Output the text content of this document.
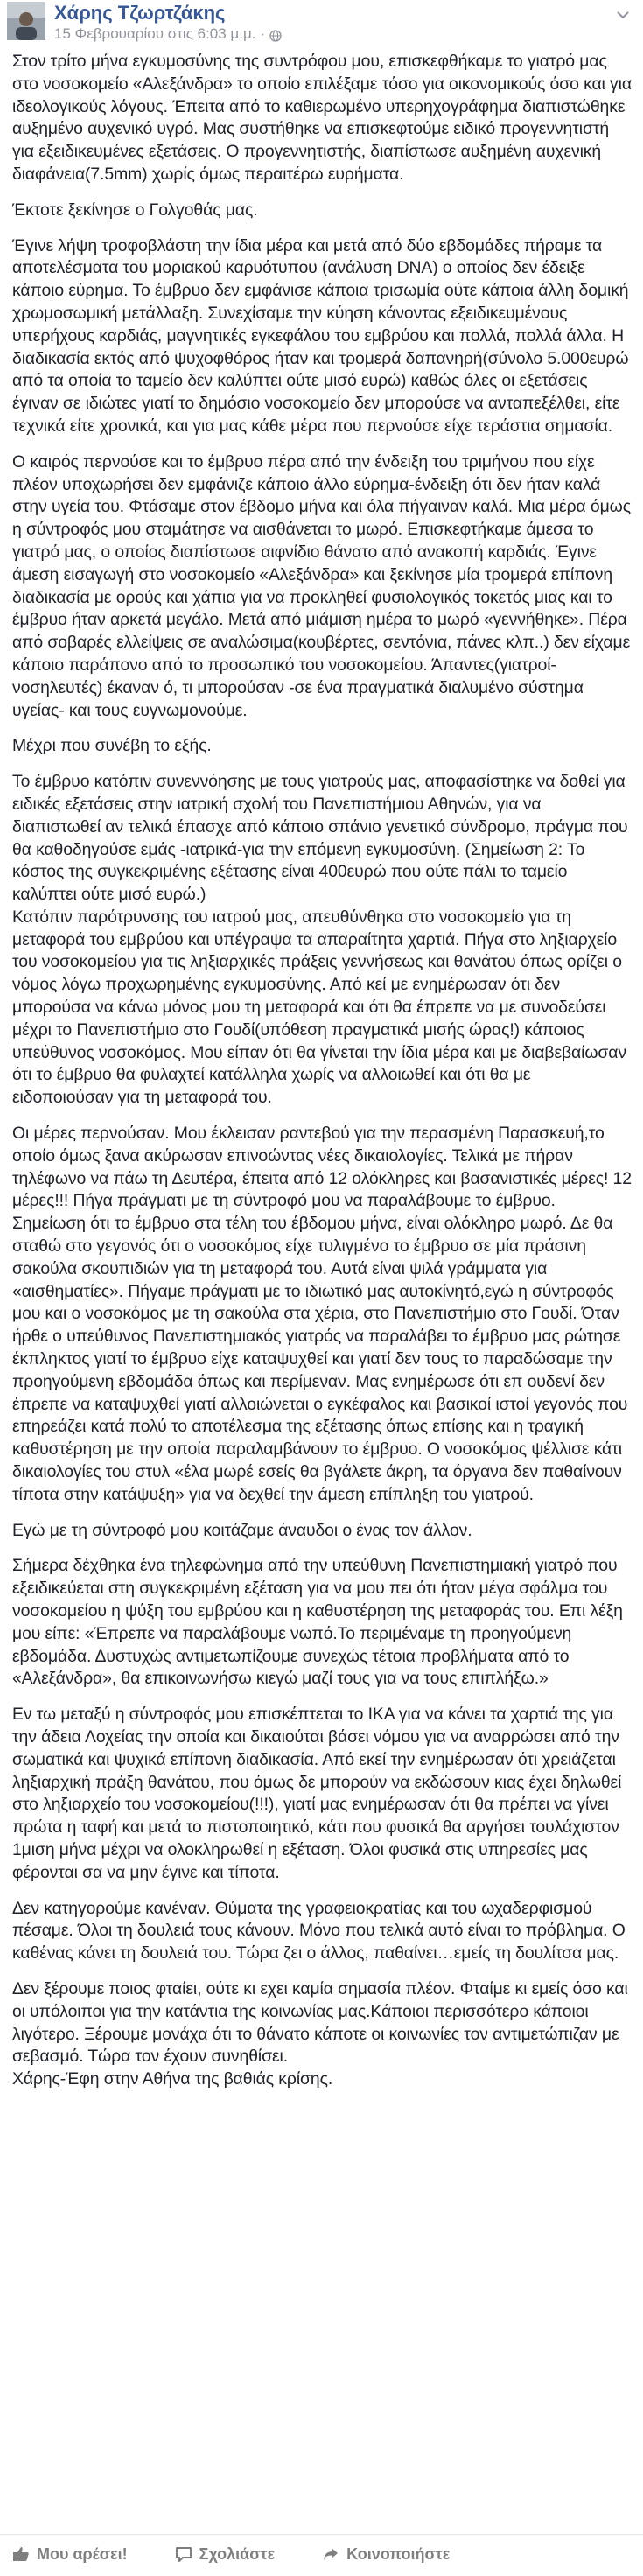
Χάρης Τζωρτζάκης
15 Φεβρουαρίου στις 6:03 μ.μ. ·

Στον τρίτο μήνα εγκυμοσύνης της συντρόφου μου, επισκεφθήκαμε το γιατρό μας στο νοσοκομείο «Αλεξάνδρα» το οποίο επιλέξαμε τόσο για οικονομικούς όσο και για ιδεολογικούς λόγους. Έπειτα από το καθιερωμένο υπερηχογράφημα διαπιστώθηκε αυξημένο αυχενικό υγρό. Μας συστήθηκε να επισκεφτούμε ειδικό προγεννητιστή για εξειδικευμένες εξετάσεις. Ο προγεννητιστής, διαπίστωσε αυξημένη αυχενική διαφάνεια(7.5mm) χωρίς όμως περαιτέρω ευρήματα.

Έκτοτε ξεκίνησε ο Γολγοθάς μας.

Έγινε λήψη τροφοβλάστη την ίδια μέρα και μετά από δύο εβδομάδες πήραμε τα αποτελέσματα του μοριακού καρυότυπου (ανάλυση DNA) ο οποίος δεν έδειξε κάποιο εύρημα. Το έμβρυο δεν εμφάνισε κάποια τρισωμία ούτε κάποια άλλη δομική χρωμοσωμική μετάλλαξη. Συνεχίσαμε την κύηση κάνοντας εξειδικευμένους υπερήχους καρδιάς, μαγνητικές εγκεφάλου του εμβρύου και πολλά, πολλά άλλα. Η διαδικασία εκτός από ψυχοφθόρος ήταν και τρομερά δαπανηρή(σύνολο 5.000ευρώ από τα οποία το ταμείο δεν καλύπτει ούτε μισό ευρώ) καθώς όλες οι εξετάσεις έγιναν σε ιδιώτες γιατί το δημόσιο νοσοκομείο δεν μπορούσε να ανταπεξέλθει, είτε τεχνικά είτε χρονικά, και για μας κάθε μέρα που περνούσε είχε τεράστια σημασία.

Ο καιρός περνούσε και το έμβρυο πέρα από την ένδειξη του τριμήνου που είχε πλέον υποχωρήσει δεν εμφάνιζε κάποιο άλλο εύρημα-ένδειξη ότι δεν ήταν καλά στην υγεία του. Φτάσαμε στον έβδομο μήνα και όλα πήγαιναν καλά. Μια μέρα όμως η σύντροφός μου σταμάτησε να αισθάνεται το μωρό. Επισκεφτήκαμε άμεσα το γιατρό μας, ο οποίος διαπίστωσε αιφνίδιο θάνατο από ανακοπή καρδιάς. Έγινε άμεση εισαγωγή στο νοσοκομείο «Αλεξάνδρα» και ξεκίνησε μία τρομερά επίπονη διαδικασία με ορούς και χάπια για να προκληθεί φυσιολογικός τοκετός μιας και το έμβρυο ήταν αρκετά μεγάλο. Μετά από μιάμιση ημέρα το μωρό «γεννήθηκε». Πέρα από σοβαρές ελλείψεις σε αναλώσιμα(κουβέρτες, σεντόνια, πάνες κλπ..) δεν είχαμε κάποιο παράπονο από το προσωπικό του νοσοκομείου. Άπαντες(γιατροί-νοσηλευτές) έκαναν ό, τι μπορούσαν -σε ένα πραγματικά διαλυμένο σύστημα υγείας- και τους ευγνωμονούμε.

Μέχρι που συνέβη το εξής.

Το έμβρυο κατόπιν συνεννόησης με τους γιατρούς μας, αποφασίστηκε να δοθεί για ειδικές εξετάσεις στην ιατρική σχολή του Πανεπιστήμιου Αθηνών, για να διαπιστωθεί αν τελικά έπασχε από κάποιο σπάνιο γενετικό σύνδρομο, πράγμα που θα καθοδηγούσε εμάς -ιατρικά-για την επόμενη εγκυμοσύνη. (Σημείωση 2: Το κόστος της συγκεκριμένης εξέτασης είναι 400ευρώ που ούτε πάλι το ταμείο καλύπτει ούτε μισό ευρώ.)
Κατόπιν παρότρυνσης του ιατρού μας, απευθύνθηκα στο νοσοκομείο για τη μεταφορά του εμβρύου και υπέγραψα τα απαραίτητα χαρτιά. Πήγα στο ληξιαρχείο του νοσοκομείου για τις ληξιαρχικές πράξεις γεννήσεως και θανάτου όπως ορίζει ο νόμος λόγω προχωρημένης εγκυμοσύνης. Από κεί με ενημέρωσαν ότι δεν μπορούσα να κάνω μόνος μου τη μεταφορά και ότι θα έπρεπε να με συνοδεύσει μέχρι το Πανεπιστήμιο στο Γουδί(υπόθεση πραγματικά μισής ώρας!) κάποιος υπεύθυνος νοσοκόμος. Μου είπαν ότι θα γίνεται την ίδια μέρα και με διαβεβαίωσαν ότι το έμβρυο θα φυλαχτεί κατάλληλα χωρίς να αλλοιωθεί και ότι θα με ειδοποιούσαν για τη μεταφορά του.

Οι μέρες περνούσαν. Μου έκλεισαν ραντεβού για την περασμένη Παρασκευή,το οποίο όμως ξανα ακύρωσαν επινοώντας νέες δικαιολογίες. Τελικά με πήραν τηλέφωνο να πάω τη Δευτέρα, έπειτα από 12 ολόκληρες και βασανιστικές μέρες! 12 μέρες!!! Πήγα πράγματι με τη σύντροφό μου να παραλάβουμε το έμβρυο. Σημείωση ότι το έμβρυο στα τέλη του έβδομου μήνα, είναι ολόκληρο μωρό. Δε θα σταθώ στο γεγονός ότι ο νοσοκόμος είχε τυλιγμένο το έμβρυο σε μία πράσινη σακούλα σκουπιδιών για τη μεταφορά του. Αυτά είναι ψιλά γράμματα για «αισθηματίες». Πήγαμε πράγματι με το ιδιωτικό μας αυτοκίνητό,εγώ η σύντροφός μου και ο νοσοκόμος με τη σακούλα στα χέρια, στο Πανεπιστήμιο στο Γουδί. Όταν ήρθε ο υπεύθυνος Πανεπιστημιακός γιατρός να παραλάβει το έμβρυο μας ρώτησε έκπληκτος γιατί το έμβρυο είχε καταψυχθεί και γιατί δεν τους το παραδώσαμε την προηγούμενη εβδομάδα όπως και περίμεναν. Μας ενημέρωσε ότι επ ουδενί δεν έπρεπε να καταψυχθεί γιατί αλλοιώνεται ο εγκέφαλος και βασικοί ιστοί γεγονός που επηρεάζει κατά πολύ το αποτέλεσμα της εξέτασης όπως επίσης και η τραγική καθυστέρηση με την οποία παραλαμβάνουν το έμβρυο. Ο νοσοκόμος ψέλλισε κάτι δικαιολογίες του στυλ «έλα μωρέ εσείς θα βγάλετε άκρη, τα όργανα δεν παθαίνουν τίποτα στην κατάψυξη» για να δεχθεί την άμεση επίπληξη του γιατρού.

Εγώ με τη σύντροφό μου κοιτάζαμε άναυδοι ο ένας τον άλλον.

Σήμερα δέχθηκα ένα τηλεφώνημα από την υπεύθυνη Πανεπιστημιακή γιατρό που εξειδικεύεται στη συγκεκριμένη εξέταση για να μου πει ότι ήταν μέγα σφάλμα του νοσοκομείου η ψύξη του εμβρύου και η καθυστέρηση της μεταφοράς του. Επι λέξη μου είπε: «Έπρεπε να παραλάβουμε νωπό.Το περιμέναμε τη προηγούμενη εβδομάδα. Δυστυχώς αντιμετωπίζουμε συνεχώς τέτοια προβλήματα από το «Αλεξάνδρα», θα επικοινωνήσω κιεγώ μαζί τους για να τους επιπλήξω.»

Εν τω μεταξύ η σύντροφός μου επισκέπτεται το ΙΚΑ για να κάνει τα χαρτιά της για την άδεια Λοχείας την οποία και δικαιούται βάσει νόμου για να αναρρώσει από την σωματικά και ψυχικά επίπονη διαδικασία. Από εκεί την ενημέρωσαν ότι χρειάζεται ληξιαρχική πράξη θανάτου, που όμως δε μπορούν να εκδώσουν κιας έχει δηλωθεί στο ληξιαρχείο του νοσοκομείου(!!!), γιατί μας ενημέρωσαν ότι θα πρέπει να γίνει πρώτα η ταφή και μετά το πιστοποιητικό, κάτι που φυσικά θα αργήσει τουλάχιστον 1μιση μήνα μέχρι να ολοκληρωθεί η εξέταση. Όλοι φυσικά στις υπηρεσίες μας φέρονται σα να μην έγινε και τίποτα.

Δεν κατηγορούμε κανέναν. Θύματα της γραφειοκρατίας και του ωχαδερφισμού πέσαμε. Όλοι τη δουλειά τους κάνουν. Μόνο που τελικά αυτό είναι το πρόβλημα. Ο καθένας κάνει τη δουλειά του. Τώρα ζει ο άλλος, παθαίνει…εμείς τη δουλίτσα μας.

Δεν ξέρουμε ποιος φταίει, ούτε κι εχει καμία σημασία πλέον. Φταίμε κι εμείς όσο και οι υπόλοιποι για την κατάντια της κοινωνίας μας.Κάποιοι περισσότερο κάποιοι λιγότερο. Ξέρουμε μονάχα ότι το θάνατο κάποτε οι κοινωνίες τον αντιμετώπιζαν με σεβασμό. Τώρα τον έχουν συνηθίσει.
Χάρης-Έφη στην Αθήνα της βαθιάς κρίσης.

Μου αρέσει!	Σχολιάστε	Κοινοποιήστε
